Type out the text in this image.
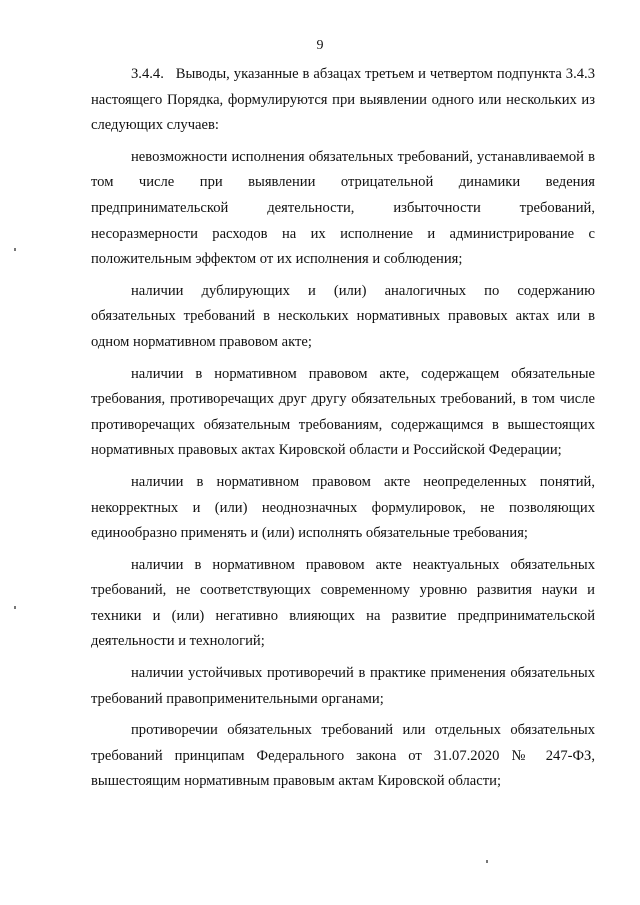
9

3.4.4.   Выводы, указанные в абзацах третьем и четвертом подпункта 3.4.3 настоящего Порядка, формулируются при выявлении одного или нескольких из следующих случаев:

невозможности исполнения обязательных требований, устанавливаемой в том числе при выявлении отрицательной динамики ведения предпринимательской деятельности, избыточности требований, несоразмерности расходов на их исполнение и администрирование с положительным эффектом от их исполнения и соблюдения;

наличии дублирующих и (или) аналогичных по содержанию обязательных требований в нескольких нормативных правовых актах или в одном нормативном правовом акте;

наличии в нормативном правовом акте, содержащем обязательные требования, противоречащих друг другу обязательных требований, в том числе противоречащих обязательным требованиям, содержащимся в вышестоящих нормативных правовых актах Кировской области и Российской Федерации;

наличии в нормативном правовом акте неопределенных понятий, некорректных и (или) неоднозначных формулировок, не позволяющих единообразно применять и (или) исполнять обязательные требования;

наличии в нормативном правовом акте неактуальных обязательных требований, не соответствующих современному уровню развития науки и техники и (или) негативно влияющих на развитие предпринимательской деятельности и технологий;

наличии устойчивых противоречий в практике применения обязательных требований правоприменительными органами;

противоречии обязательных требований или отдельных обязательных требований принципам Федерального закона от 31.07.2020 № 247-ФЗ, вышестоящим нормативным правовым актам Кировской области;
